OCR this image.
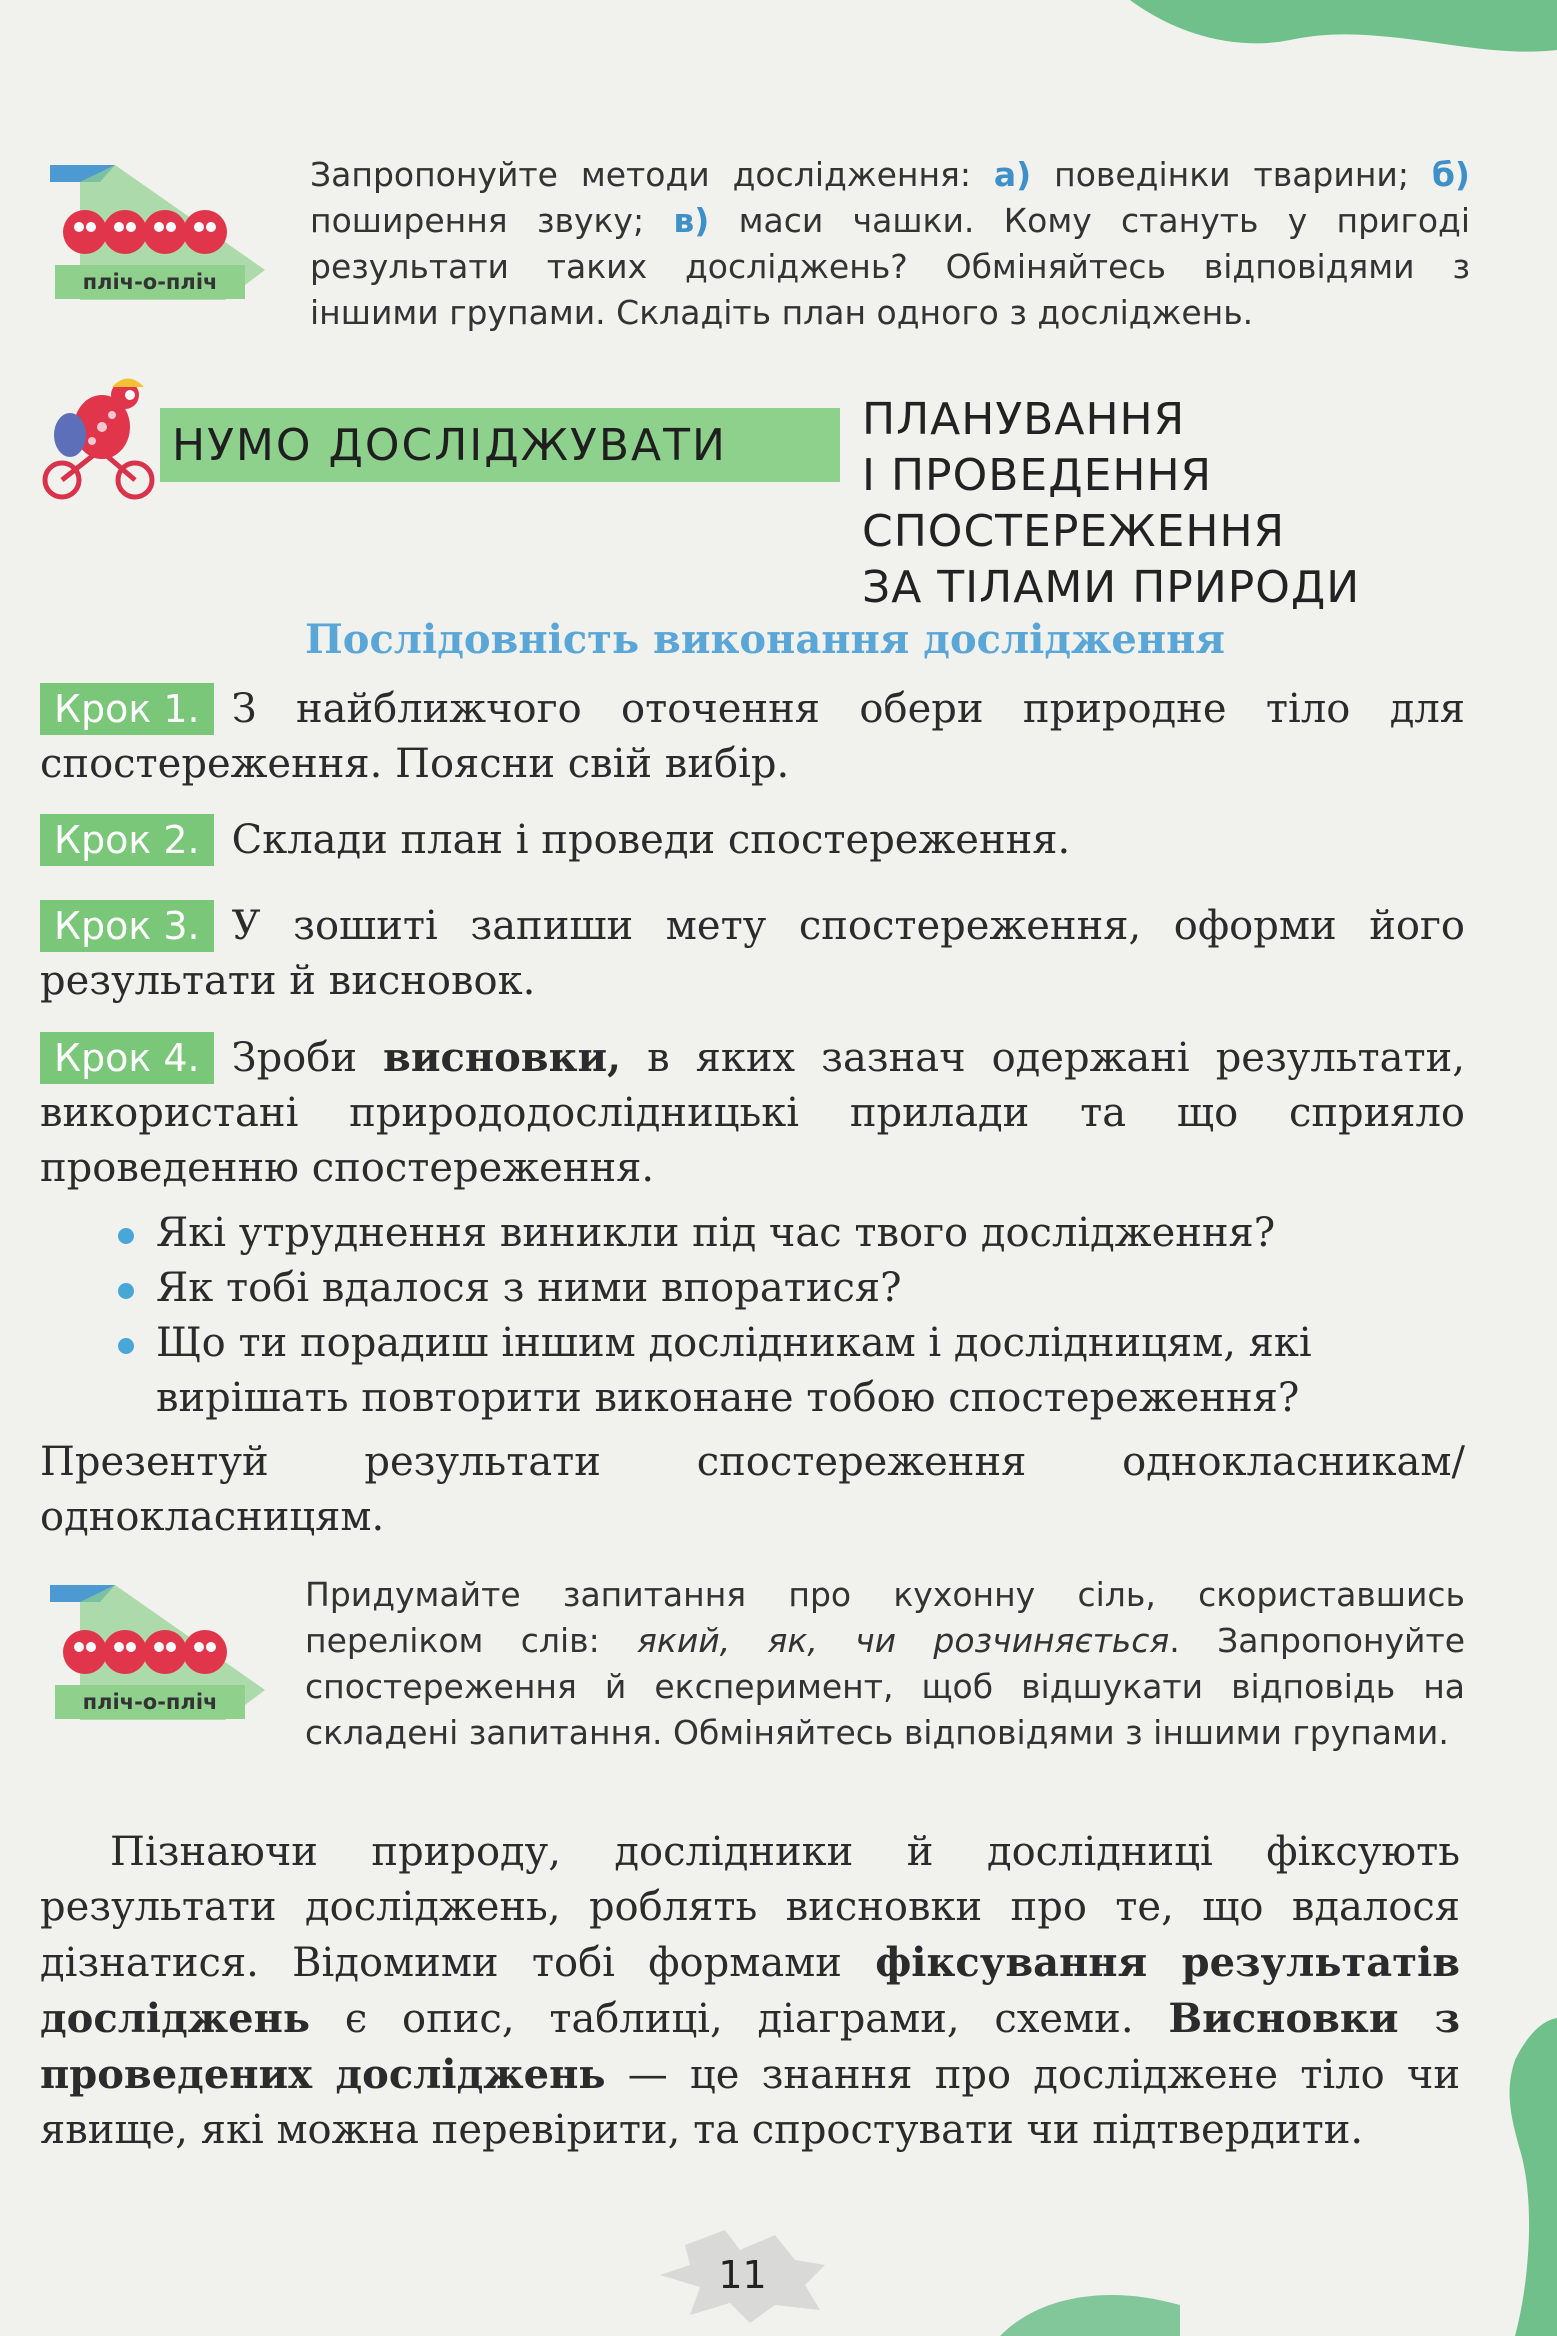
пліч-о-пліч
Запропонуйте методи дослідження: а) поведінки тварини; б) поширення звуку; в) маси чашки. Кому стануть у пригоді результати таких досліджень? Обміняйтесь відповідями з іншими групами. Складіть план одного з досліджень.
НУМО ДОСЛІДЖУВАТИ
ПЛАНУВАННЯ
І ПРОВЕДЕННЯ
СПОСТЕРЕЖЕННЯ
ЗА ТІЛАМИ ПРИРОДИ
Послідовність виконання дослідження
Крок 1. З найближчого оточення обери природне тіло для спостереження. Поясни свій вибір.
Крок 2. Склади план і проведи спостереження.
Крок 3. У зошиті запиши мету спостереження, оформи його результати й висновок.
Крок 4. Зроби висновки, в яких зазнач одержані результати, використані природодослідницькі прилади та що сприяло проведенню спостереження.
Які утруднення виникли під час твого дослідження?
Як тобі вдалося з ними впоратися?
Що ти порадиш іншим дослідникам і дослідницям, які вирішать повторити виконане тобою спостереження?
Презентуй результати спостереження однокласникам/однокласницям.
пліч-о-пліч
Придумайте запитання про кухонну сіль, скориставшись переліком слів: який, як, чи розчиняється. Запропонуйте спостереження й експеримент, щоб відшукати відповідь на складені запитання. Обміняйтесь відповідями з іншими групами.
Пізнаючи природу, дослідники й дослідниці фіксують результати досліджень, роблять висновки про те, що вдалося дізнатися. Відомими тобі формами фіксування результатів досліджень є опис, таблиці, діаграми, схеми. Висновки з проведених досліджень — це знання про досліджене тіло чи явище, які можна перевірити, та спростувати чи підтвердити.
11
